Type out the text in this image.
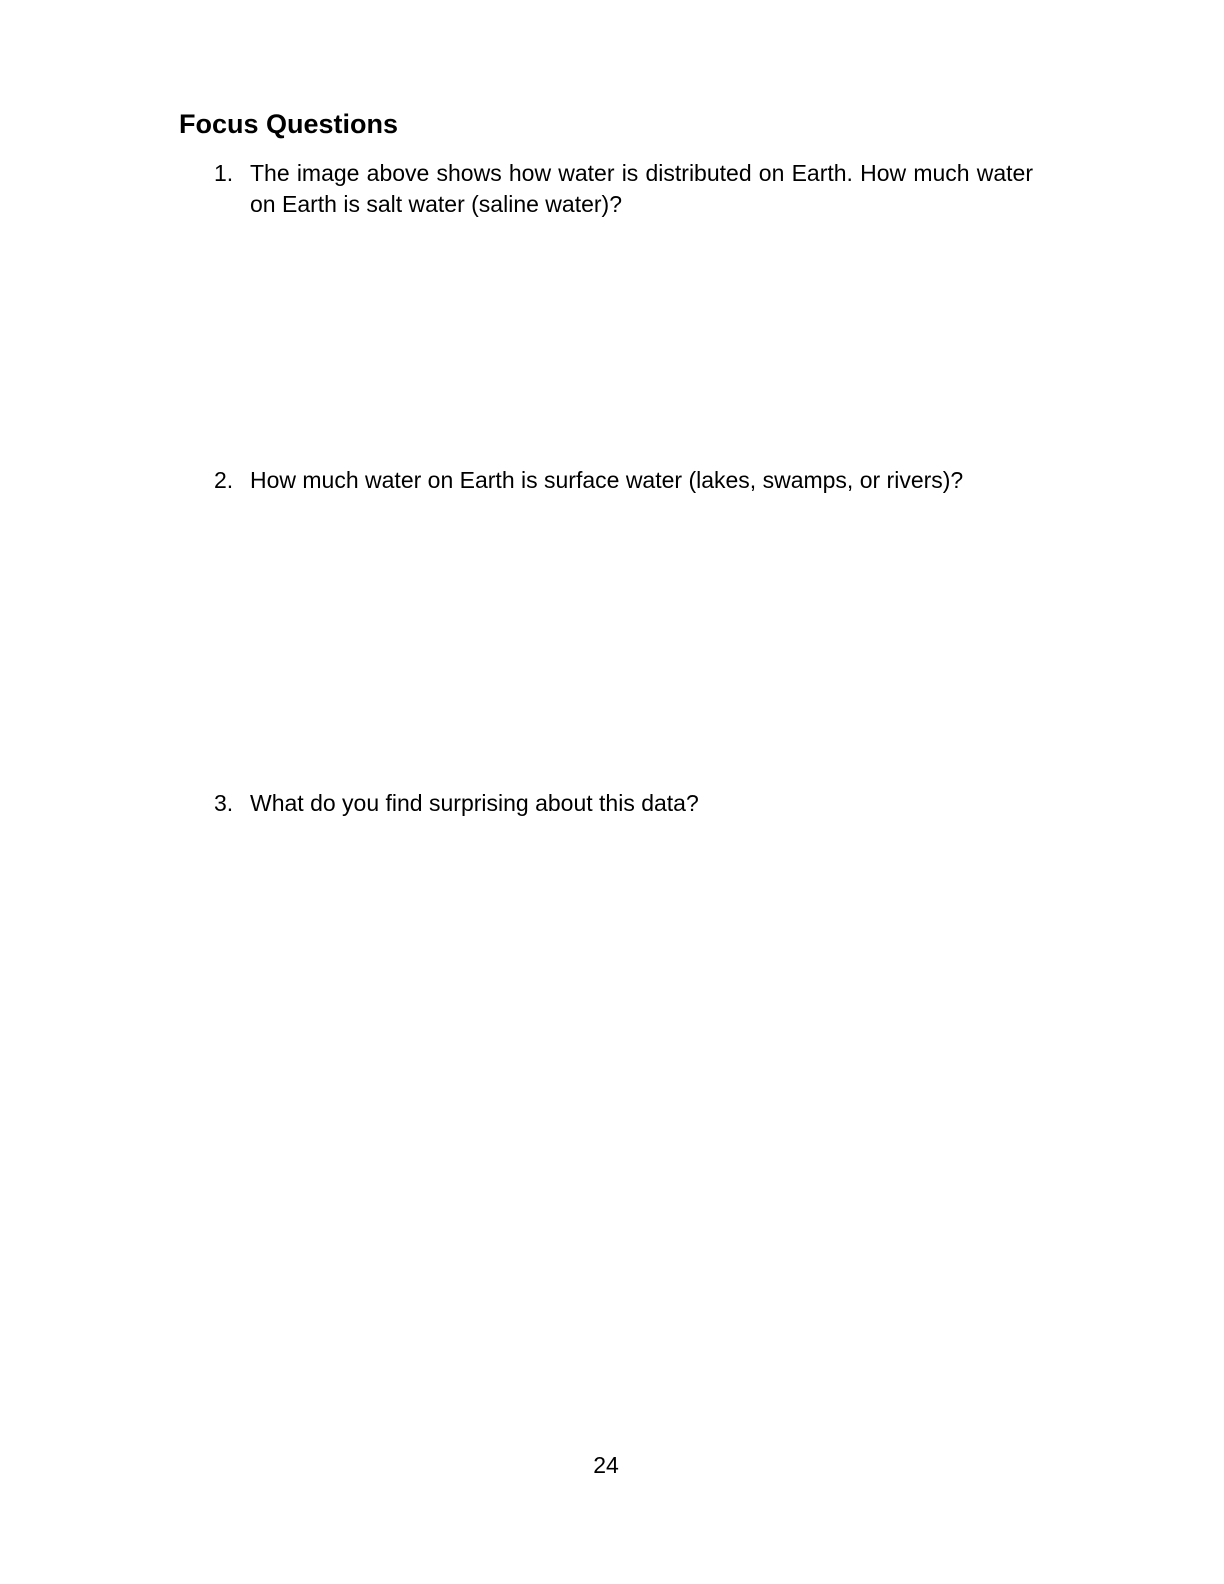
Focus Questions
1. The image above shows how water is distributed on Earth. How much water on Earth is salt water (saline water)?
2. How much water on Earth is surface water (lakes, swamps, or rivers)?
3. What do you find surprising about this data?
24
